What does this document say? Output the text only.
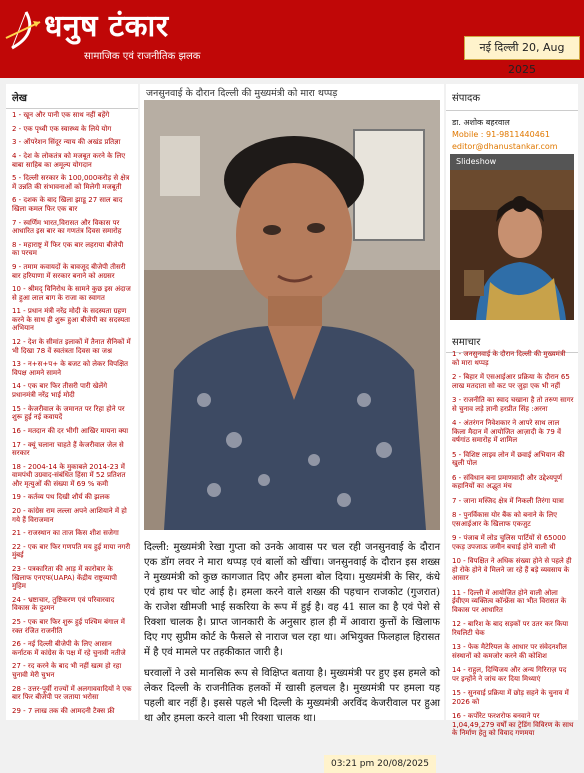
धनुष टंकार
सामाजिक एवं राजनीतिक झलक
नई दिल्ली 20, Aug 2025
लेख
1 - खून और पानी एक साथ नहीं बहेंगे
2 - एक पृथ्वी एक स्वास्थ्य के लिये योग
3 - ऑपरेशन सिंदूर न्याय की अखंड प्रतिज्ञा
4 - देश के लोकतंत्र को मजबूत करने के लिए बाबा साहिब का अमूल्य योगदान
5 - दिल्ली सरकार के 100,000करोड़ से क्षेत्र में उन्नति की संभावनाओं को मिलेगी मजबूती
6 - दशक के बाद खिला झाडू 27 साल बाद खिला कमल फिर एक बार
7 - स्वर्णिम भारत,विरासत और विकास पर आधारित इस बार का गणतंत्र दिवस समारोह
8 - महाराष्ट्र में फिर एक बार लहराया बीजेपी का परचम
9 - तमाम कवायदों के बावजूद बीजेपी तीसरी बार हरियाणा में सरकार बनाने को अग्रसर
10 - श्रीमद् विनिरोध के सामने कुछ इस अंदाज से हुआ लाल बाग के राजा का स्वागत
11 - प्रधान मंत्री नरेंद्र मोदी के सदस्यता ग्रहण करने के साथ ही शुरू हुआ बीजेपी का सदस्यता अभियान
12 - देश के सीमांत इलाकों में तैनात सैनिकों में भी दिखा 78 वें स्वतंत्रता दिवस का जश्न
13 - न+स+प+ के बजट को लेकर विपक्षित विपक्ष आमने सामने
14 - एक बार फिर तीसरी पारी खेलेंगे प्रधानमंत्री नरेंद्र भाई मोदी
15 - केजरीवाल के जमानत पर रिहा होने पर शुरू हुई नई कवायदें
16 - मतदान की दर भीगी आखिर मायना क्या
17 - क्यूं चलाना चाहते हैं केजरीवाल जेल से सरकार
18 - 2004-14 के मुकाबले 2014-23 में वामपंथी उग्रवाद-संबंधित हिंसा में 52 प्रतिशत और मृत्युओं की संख्या में 69 % कमी
19 - कर्तव्य पथ दिखी शौर्य की झलक
20 - कांग्रेस राम लल्ला अपने आशियाने में हो गये हैं विराजमान
21 - राजस्थान का ताज किस शीश सजेगा
22 - एक बार फिर गणपति मय हुई माया नगरी मुंबई
23 - पत्रकारिता की आड़ में कारोबार के खिलाफ एनएफ(UAPA) केंद्रीय राष्ट्रव्यापी मुहिम
24 - भ्रष्टाचार, तुष्टिकरण एवं परिवारवाद विकास के दुश्मन
25 - एक बार फिर शुरू हुई पश्चिम बंगाल में रक्त रंजित राजनीति
26 - नई दिल्ली बीजेपी के लिए आसान कर्नाटक में कांग्रेस के पक्ष में रहे चुनावी नतीजे
27 - रद करने के बाद भी नहीं खत्म हो रहा चुनावी मेरी चुभन
28 - उत्तर-पूर्वी राज्यों में अलगाववादियों ने एक बार फिर बीजेपी पर जताया भरोसा
29 - 7 लाख तक की आमदनी टैक्स फ्री
जनसुनवाई के दौरान दिल्ली की मुख्यमंत्री को मारा थप्पड़

दिल्ली: मुख्यमंत्री रेखा गुप्ता को उनके आवास पर चल रही जनसुनवाई के दौरान एक डॉग लवर ने मारा थप्पड़ एवं बालों को खींचा। जनसुनवाई के दौरान इस शख्स ने मुख्यमंत्री को कुछ कागजात दिए और हमला बोल दिया। मुख्यमंत्री के सिर, कंधे एवं हाथ पर चोट आई है। हमला करने वाले शख्स की पहचान राजकोट (गुजरात) के राजेश खीमजी भाई सकरिया के रूप में हुई है। वह 41 साल का है एवं पेशे से रिक्शा चालक है। प्राप्त जानकारी के अनुसार हाल ही में आवारा कुत्तों के खिलाफ दिए गए सुप्रीम कोर्ट के फैसले से नाराज चल रहा था। अभियुक्त फिलहाल हिरासत में है एवं मामले पर तहकीकात जारी है।

घरवालों ने उसे मानसिक रूप से विक्षिप्त बताया है। मुख्यमंत्री पर हुए इस हमले को लेकर दिल्ली के राजनीतिक हलकों में खासी हलचल है। मुख्यमंत्री पर हमला यह पहली बार नहीं है। इससे पहले भी दिल्ली के मुख्यमंत्री अरविंद केजरीवाल पर हुआ था और हमला करने वाला भी रिक्शा चालक था।

03:21 pm 20/08/2025
संपादक
डा. अशोक बहरवाल
Mobile : 91-9811440461
editor@dhanustankar.com
Slideshow
समाचार
1 - जनसुनवाई के दौरान दिल्ली की मुख्यमंत्री को मारा थप्पड़
2 - बिहार में एसआईआर प्रक्रिया के दौरान 65 लाख मतदाता सो कट पर जुड़ा एक भी नहीं
3 - राजनीति का स्वाद चखाना है तो तरुण सागर से चुनाव लड़े ज्ञानी हरप्रीत सिंह :अरना
4 - अंतरंगन निवेशकार ने आपरे साथ लाल किला मैदान में आयोजित आज़ादी के 79 वें वर्षगांठ समारोह में शामिल
5 - विशिष्ट लाइव लोन में छवाई अभियान की खुली पोल
6 - संविधान बना प्रमाणवादी और उद्देश्यपूर्ण कहानियों का अद्भुत मंच
7 - जाना मस्जिद क्षेत्र में निकली तिरंगा यात्रा
8 - पुनर्विकास योर बैंक को बनाने के लिए एसआईआर के खिलाफ एकजुट
9 - पंजाब में लोड चुलिस पार्टियों से 65000 एकड़ उपजाऊ जमीन बचाई होने वाली थी
10 - विपक्षित ने अधिक संख्या होने से पहले ही हो रोके होने वे मिलने जा रहे हैं बड़े व्यवसाय के आसार
11 - दिल्ली में आयोजित होने वाली ओला ईवीएम व्यक्तित्व कॉन्फ्रेंस का भीत विरासत के विकास पर आधारित
12 - बारिश के बाद सड़कों पर उतर कर किया रियलिटी चेक
13 - फेक मैटेरियल के आधार पर संवेदनशील संस्थानों को कमजोर करने की कोशिश
14 - राहुल, दिग्विजय और अन्य गिरिराज़ पद पर इन्होंने ने जांच कर दिया मिथ्याएं
15 - सुनवाई प्रक्रिया में छोड़ सहने के चुनाव में 2026 को
16 - कर्पोरेट फरशरोफ बनवाने पर 1,04,49,279 वर्षों का ट्रेडिंग विविरण के साथ के निर्माण हेतु को विवाद गणमया
